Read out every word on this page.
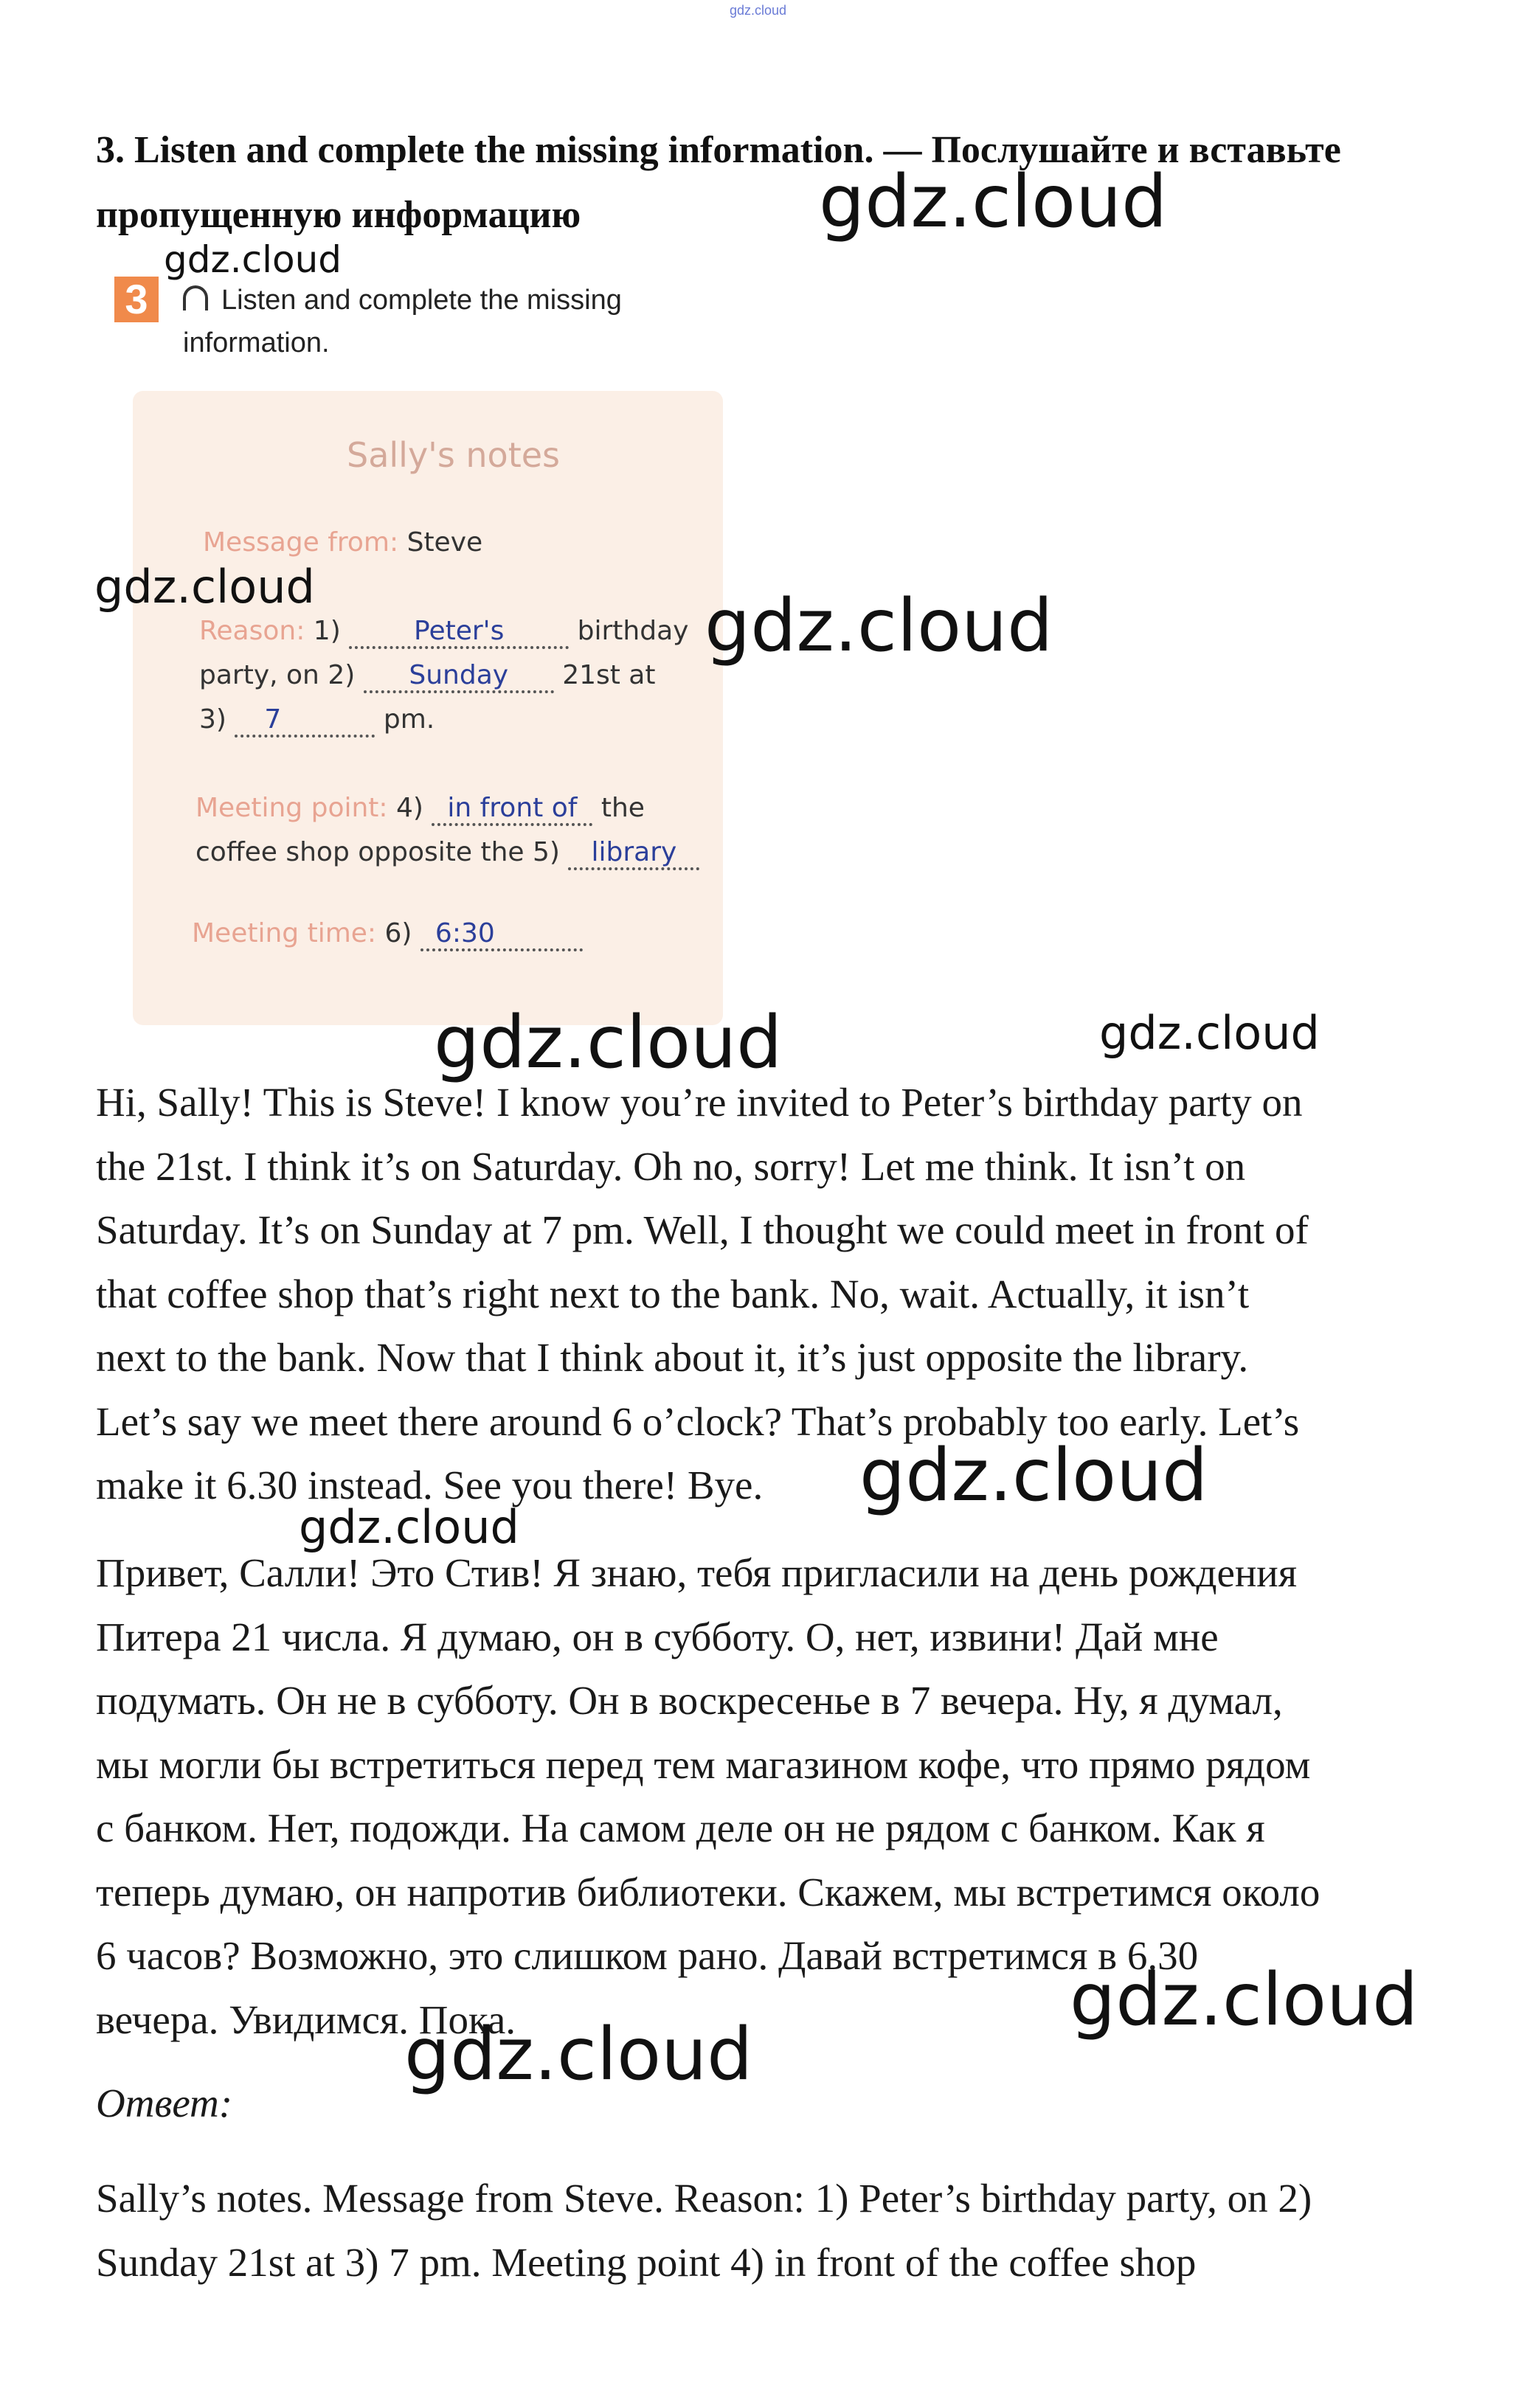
gdz.cloud
3. Listen and complete the missing information. — Послушайте и вставьте пропущенную информацию
3	Listen and complete the missing information.
Sally's notes
Message from: Steve
Reason: 1)	Peter's	birthday
party, on 2) Sunday 21st at
3) 7	pm.
Meeting point: 4) in front of the
coffee shop opposite the 5) library
Meeting time: 6) 6:30
Hi, Sally! This is Steve! I know you’re invited to Peter’s birthday party on
the 21st. I think it’s on Saturday. Oh no, sorry! Let me think. It isn’t on
Saturday. It’s on Sunday at 7 pm. Well, I thought we could meet in front of
that coffee shop that’s right next to the bank. No, wait. Actually, it isn’t
next to the bank. Now that I think about it, it’s just opposite the library.
Let’s say we meet there around 6 o’clock? That’s probably too early. Let’s
make it 6.30 instead. See you there! Bye.
Привет, Салли! Это Стив! Я знаю, тебя пригласили на день рождения
Питера 21 числа. Я думаю, он в субботу. О, нет, извини! Дай мне
подумать. Он не в субботу. Он в воскресенье в 7 вечера. Ну, я думал,
мы могли бы встретиться перед тем магазином кофе, что прямо рядом
с банком. Нет, подожди. На самом деле он не рядом с банком. Как я
теперь думаю, он напротив библиотеки. Скажем, мы встретимся около
6 часов? Возможно, это слишком рано. Давай встретимся в 6.30
вечера. Увидимся. Пока.
Ответ:
Sally’s notes. Message from Steve. Reason: 1) Peter’s birthday party, on 2)
Sunday 21st at 3) 7 pm. Meeting point 4) in front of the coffee shop
gdz.cloud
gdz.cloud
gdz.cloud	gdz.cloud
gdz.cloud	gdz.cloud
gdz.cloud
gdz.cloud
gdz.cloud
gdz.cloud
